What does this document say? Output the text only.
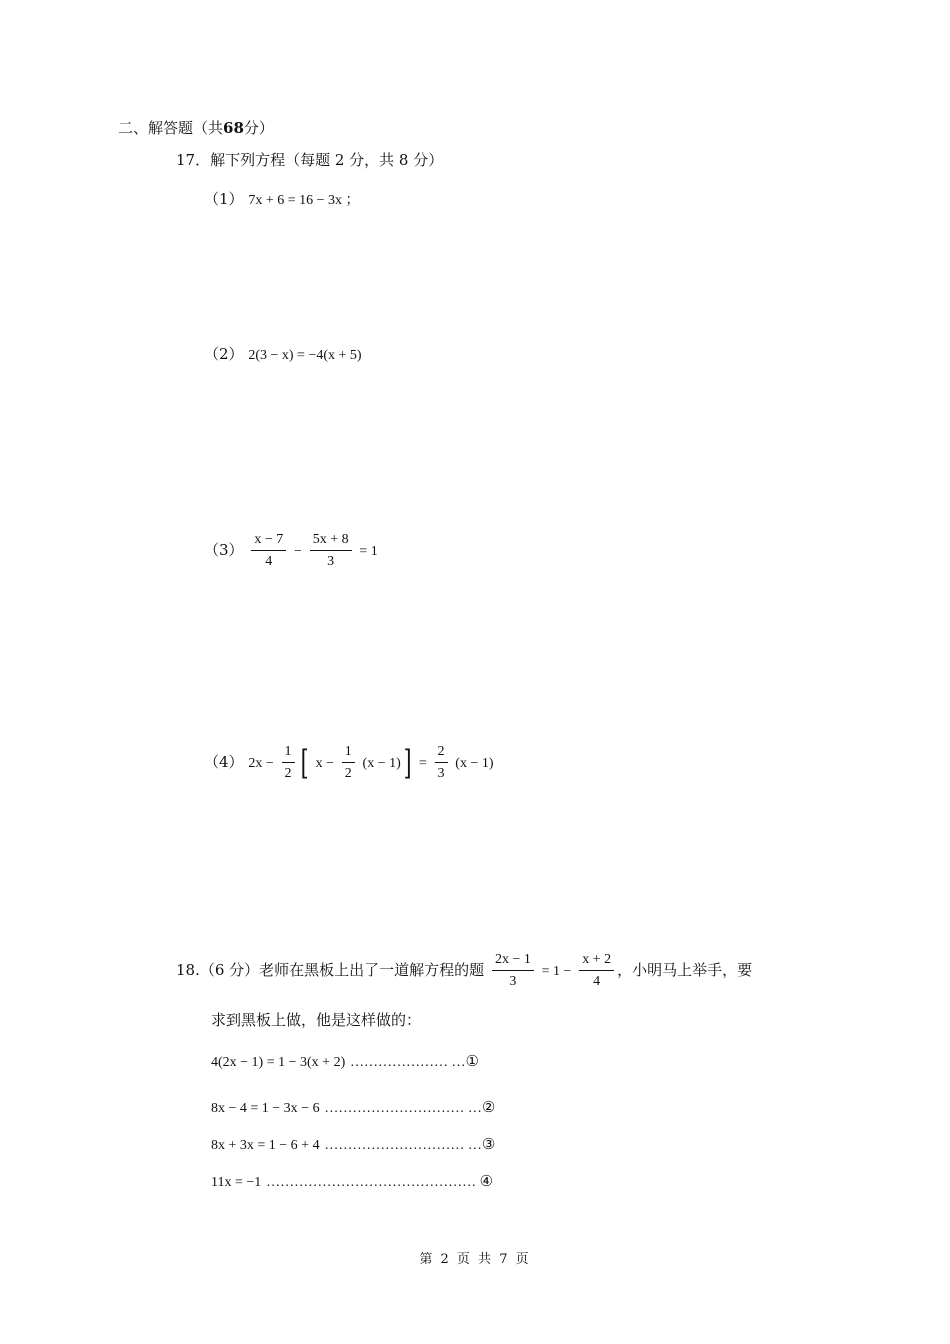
二、解答题（共68分）
17．解下列方程（每题 2 分，共 8 分）
（1） 7x + 6 = 16 − 3x ；
（2） 2(3 − x) = −4(x + 5)
$(3) \frac{x - 7}{4} - \frac{5x + 8}{3} = 1$
（4） $2x - \frac{1}{2}$ [ $x - \frac{1}{2} (x - 1)] = \frac{2}{3} (x - 1)$
18.（6 分）老师在黑板上出了一道解方程的题 $\frac{2x - 1}{3} = 1 - \frac{x + 2}{4}$ ，小明马上举手，要
求到黑板上做，他是这样做的：
4(2x − 1) = 1 − 3(x + 2) ………………… …①
8x − 4 = 1 − 3x − 6 ………………………… …②
8x + 3x = 1 − 6 + 4 ………………………… …③
11x = −1 ……………………………………… ④
第 2 页 共 7 页
